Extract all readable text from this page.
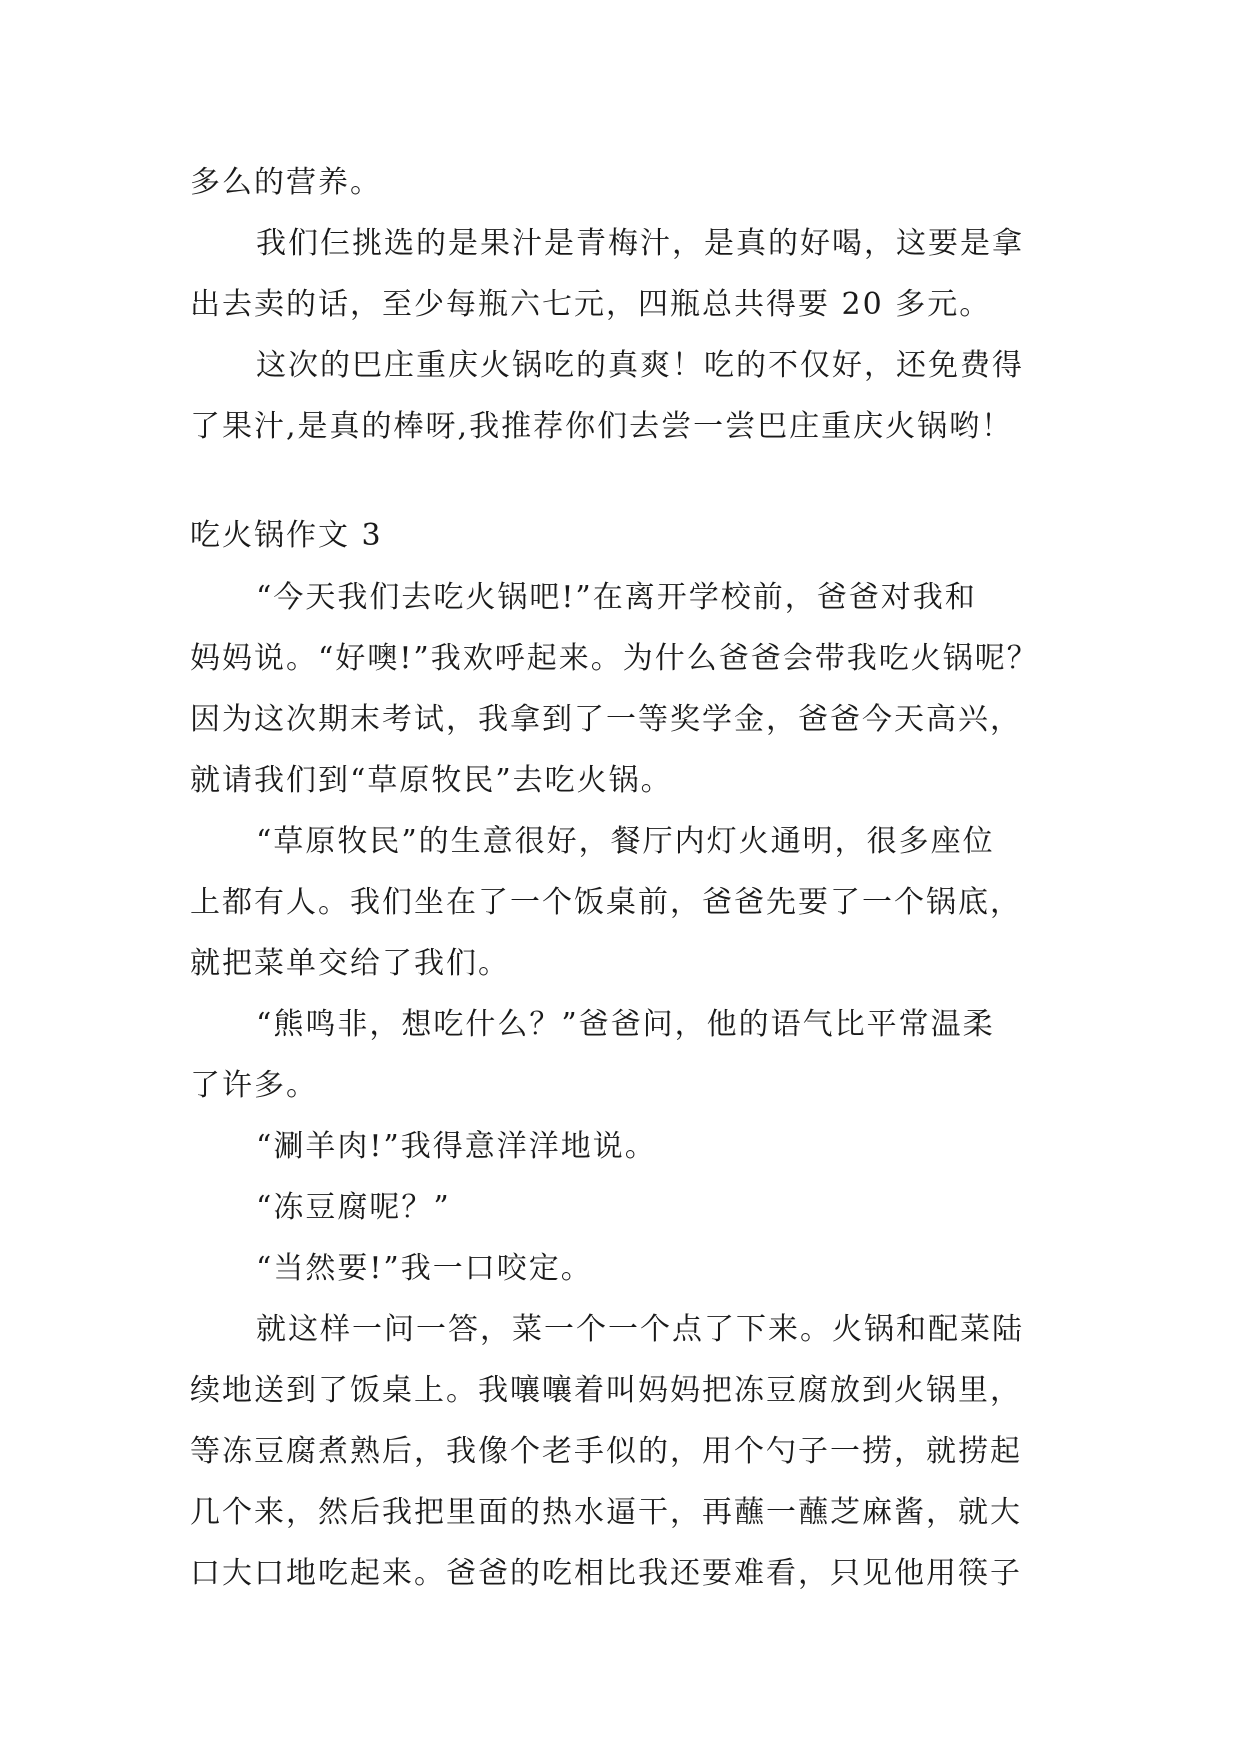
多么的营养。
我们仨挑选的是果汁是青梅汁，是真的好喝，这要是拿
出去卖的话，至少每瓶六七元，四瓶总共得要 20 多元。
这次的巴庄重庆火锅吃的真爽！吃的不仅好，还免费得
了果汁,是真的棒呀,我推荐你们去尝一尝巴庄重庆火锅哟！
吃火锅作文 3
“今天我们去吃火锅吧!”在离开学校前，爸爸对我和
妈妈说。“好噢!”我欢呼起来。为什么爸爸会带我吃火锅呢？
因为这次期末考试，我拿到了一等奖学金，爸爸今天高兴，
就请我们到“草原牧民”去吃火锅。
“草原牧民”的生意很好，餐厅内灯火通明，很多座位
上都有人。我们坐在了一个饭桌前，爸爸先要了一个锅底，
就把菜单交给了我们。
“熊鸣非，想吃什么？”爸爸问，他的语气比平常温柔
了许多。
“涮羊肉!”我得意洋洋地说。
“冻豆腐呢？”
“当然要!”我一口咬定。
就这样一问一答，菜一个一个点了下来。火锅和配菜陆
续地送到了饭桌上。我嚷嚷着叫妈妈把冻豆腐放到火锅里，
等冻豆腐煮熟后，我像个老手似的，用个勺子一捞，就捞起
几个来，然后我把里面的热水逼干，再蘸一蘸芝麻酱，就大
口大口地吃起来。爸爸的吃相比我还要难看，只见他用筷子
